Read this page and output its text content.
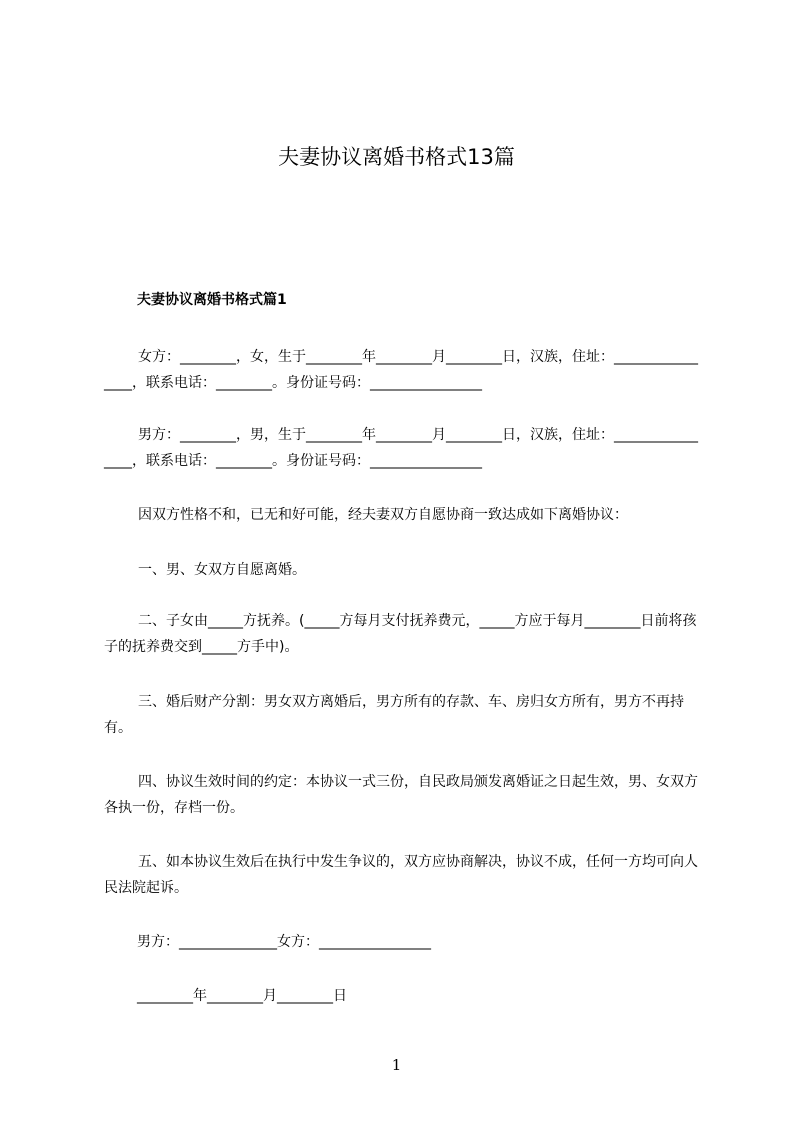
夫妻协议离婚书格式13篇
夫妻协议离婚书格式篇1
女方：________，女，生于________年________月________日，汉族，住址：________________，联系电话：________。身份证号码：________________
男方：________，男，生于________年________月________日，汉族，住址：________________，联系电话：________。身份证号码：________________
因双方性格不和，已无和好可能，经夫妻双方自愿协商一致达成如下离婚协议：
一、男、女双方自愿离婚。
二、子女由_____方抚养。(_____方每月支付抚养费元，_____方应于每月________日前将孩子的抚养费交到_____方手中)。
三、婚后财产分割：男女双方离婚后，男方所有的存款、车、房归女方所有，男方不再持有。
四、协议生效时间的约定：本协议一式三份，自民政局颁发离婚证之日起生效，男、女双方各执一份，存档一份。
五、如本协议生效后在执行中发生争议的，双方应协商解决，协议不成，任何一方均可向人民法院起诉。
男方：______________女方：________________
________年________月________日
1
